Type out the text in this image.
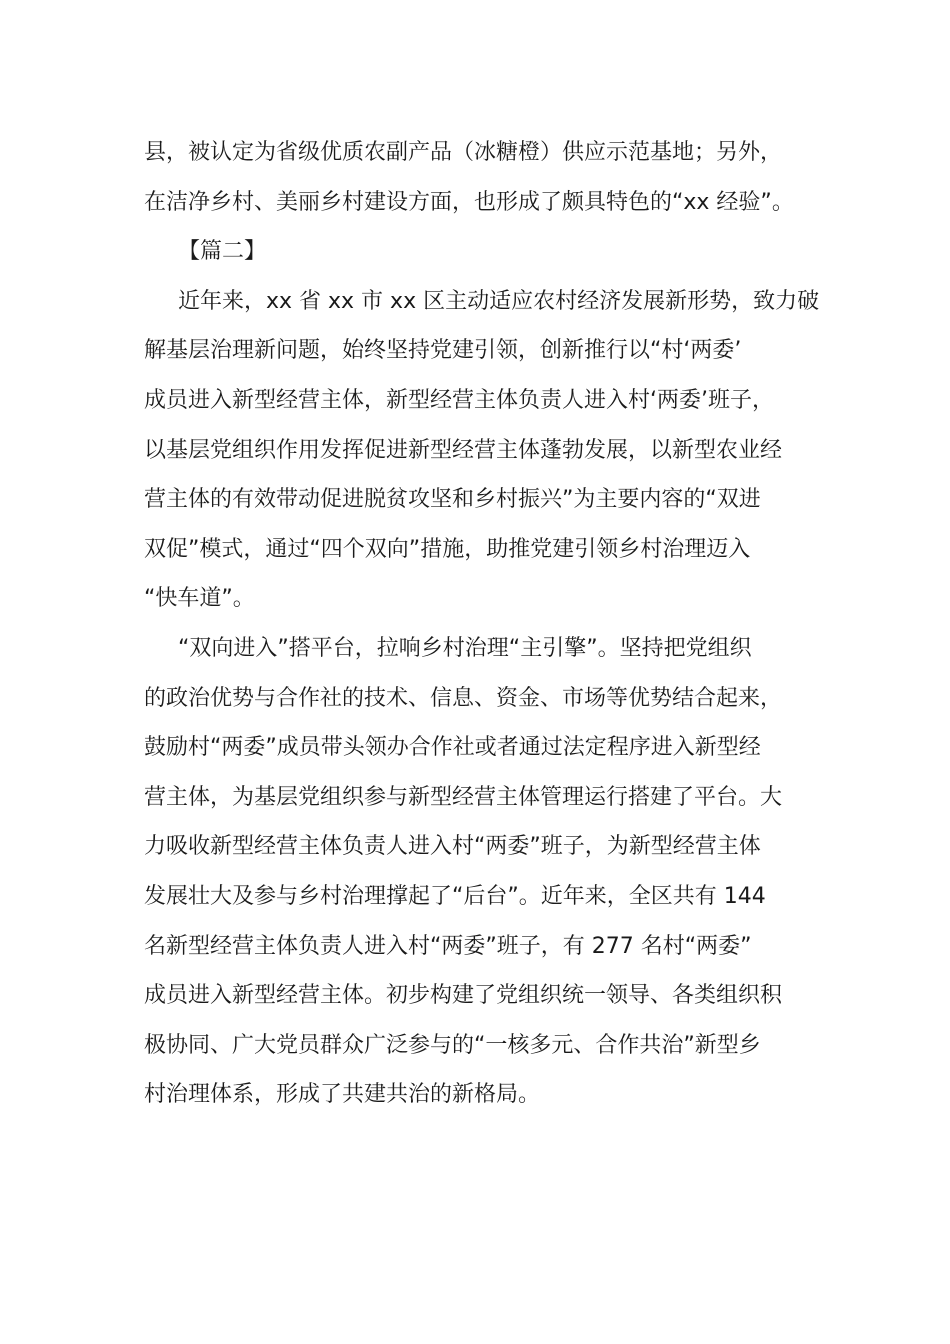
县，被认定为省级优质农副产品（冰糖橙）供应示范基地；另外，
在洁净乡村、美丽乡村建设方面，也形成了颇具特色的“xx 经验”。
【篇二】
近年来，xx 省 xx 市 xx 区主动适应农村经济发展新形势，致力破
解基层治理新问题，始终坚持党建引领，创新推行以“村‘两委’
成员进入新型经营主体，新型经营主体负责人进入村‘两委’班子，
以基层党组织作用发挥促进新型经营主体蓬勃发展，以新型农业经
营主体的有效带动促进脱贫攻坚和乡村振兴”为主要内容的“双进
双促”模式，通过“四个双向”措施，助推党建引领乡村治理迈入
“快车道”。
“双向进入”搭平台，拉响乡村治理“主引擎”。坚持把党组织
的政治优势与合作社的技术、信息、资金、市场等优势结合起来，
鼓励村“两委”成员带头领办合作社或者通过法定程序进入新型经
营主体，为基层党组织参与新型经营主体管理运行搭建了平台。大
力吸收新型经营主体负责人进入村“两委”班子，为新型经营主体
发展壮大及参与乡村治理撑起了“后台”。近年来，全区共有 144
名新型经营主体负责人进入村“两委”班子，有 277 名村“两委”
成员进入新型经营主体。初步构建了党组织统一领导、各类组织积
极协同、广大党员群众广泛参与的“一核多元、合作共治”新型乡
村治理体系，形成了共建共治的新格局。
